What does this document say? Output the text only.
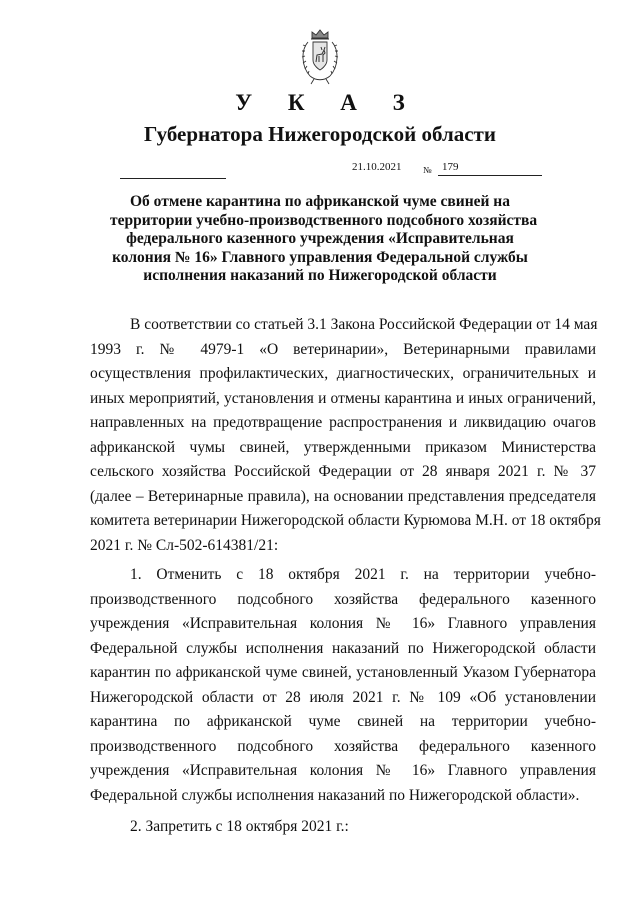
У К А З
Губернатора Нижегородской области
21.10.2021 № 179
Об отмене карантина по африканской чуме свиней на
территории учебно-производственного подсобного хозяйства
федерального казенного учреждения «Исправительная
колония № 16» Главного управления Федеральной службы
исполнения наказаний по Нижегородской области
В соответствии со статьей 3.1 Закона Российской Федерации от 14 мая
1993 г. № 4979-1 «О ветеринарии», Ветеринарными правилами
осуществления профилактических, диагностических, ограничительных и
иных мероприятий, установления и отмены карантина и иных ограничений,
направленных на предотвращение распространения и ликвидацию очагов
африканской чумы свиней, утвержденными приказом Министерства
сельского хозяйства Российской Федерации от 28 января 2021 г. № 37
(далее – Ветеринарные правила), на основании представления председателя
комитета ветеринарии Нижегородской области Курюмова М.Н. от 18 октября
2021 г. № Сл-502-614381/21:
1. Отменить с 18 октября 2021 г. на территории учебно-
производственного подсобного хозяйства федерального казенного
учреждения «Исправительная колония № 16» Главного управления
Федеральной службы исполнения наказаний по Нижегородской области
карантин по африканской чуме свиней, установленный Указом Губернатора
Нижегородской области от 28 июля 2021 г. № 109 «Об установлении
карантина по африканской чуме свиней на территории учебно-
производственного подсобного хозяйства федерального казенного
учреждения «Исправительная колония № 16» Главного управления
Федеральной службы исполнения наказаний по Нижегородской области».
2. Запретить с 18 октября 2021 г.:
